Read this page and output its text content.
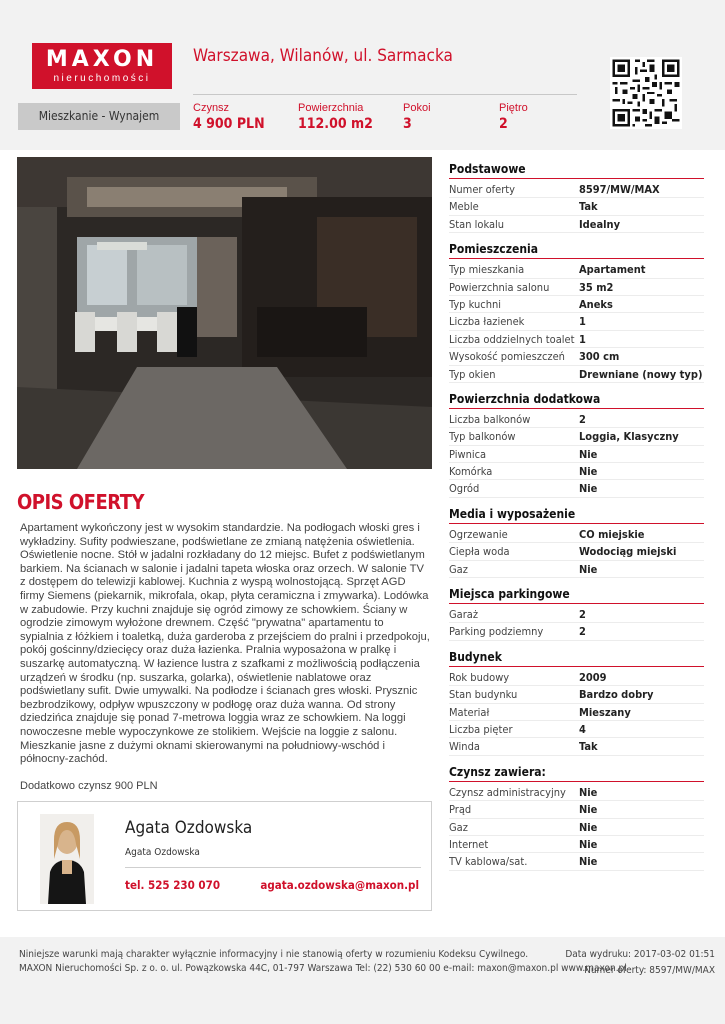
MAXON
nieruchomości
Warszawa, Wilanów, ul. Sarmacka
Mieszkanie - Wynajem
Czynsz
4 900 PLN
Powierzchnia
112.00 m2
Pokoi
3
Piętro
2
OPIS OFERTY
Apartament wykończony jest w wysokim standardzie. Na podłogach włoski gres i wykładziny. Sufity podwieszane, podświetlane ze zmianą natężenia oświetlenia. Oświetlenie nocne. Stół w jadalni rozkładany do 12 miejsc. Bufet z podświetlanym barkiem. Na ścianach w salonie i jadalni tapeta włoska oraz orzech. W salonie TV z dostępem do telewizji kablowej. Kuchnia z wyspą wolnostojącą. Sprzęt AGD firmy Siemens (piekarnik, mikrofala, okap, płyta ceramiczna i zmywarka). Lodówka w zabudowie. Przy kuchni znajduje się ogród zimowy ze schowkiem. Ściany w ogrodzie zimowym wyłożone drewnem. Część "prywatna" apartamentu to sypialnia z łóżkiem i toaletką, duża garderoba z przejściem do pralni i przedpokoju, pokój gościnny/dziecięcy oraz duża łazienka. Pralnia wyposażona w pralkę i suszarkę automatyczną. W łazience lustra z szafkami z możliwością podłączenia urządzeń w środku (np. suszarka, golarka), oświetlenie nablatowe oraz podświetlany sufit. Dwie umywalki. Na podłodze i ścianach gres włoski. Prysznic bezbrodzikowy, odpływ wpuszczony w podłogę oraz duża wanna. Od strony dziedzińca znajduje się ponad 7-metrowa loggia wraz ze schowkiem. Na loggi nowoczesne meble wypoczynkowe ze stolikiem. Wejście na loggie z salonu. Mieszkanie jasne z dużymi oknami skierowanymi na południowy-wschód i północny-zachód.
Dodatkowo czynsz 900 PLN
Agata Ozdowska
Agata Ozdowska
tel. 525 230 070	agata.ozdowska@maxon.pl
Podstawowe
Numer oferty	8597/MW/MAX
Meble	Tak
Stan lokalu	Idealny
Pomieszczenia
Typ mieszkania	Apartament
Powierzchnia salonu	35 m2
Typ kuchni	Aneks
Liczba łazienek	1
Liczba oddzielnych toalet 1
Wysokość pomieszczeń	300 cm
Typ okien	Drewniane (nowy typ)
Powierzchnia dodatkowa
Liczba balkonów	2
Typ balkonów	Loggia, Klasyczny
Piwnica	Nie
Komórka	Nie
Ogród	Nie
Media i wyposażenie
Ogrzewanie	CO miejskie
Ciepła woda	Wodociąg miejski
Gaz	Nie
Miejsca parkingowe
Garaż	2
Parking podziemny	2
Budynek
Rok budowy	2009
Stan budynku	Bardzo dobry
Materiał	Mieszany
Liczba pięter	4
Winda	Tak
Czynsz zawiera:
Czynsz administracyjny	Nie
Prąd	Nie
Gaz	Nie
Internet	Nie
TV kablowa/sat.	Nie
Niniejsze warunki mają charakter wyłącznie informacyjny i nie stanowią oferty w rozumieniu Kodeksu Cywilnego.
MAXON Nieruchomości Sp. z o. o. ul. Powązkowska 44C, 01-797 Warszawa Tel: (22) 530 60 00 e-mail: maxon@maxon.pl www.maxon.pl
Data wydruku: 2017-03-02 01:51
Numer oferty: 8597/MW/MAX
